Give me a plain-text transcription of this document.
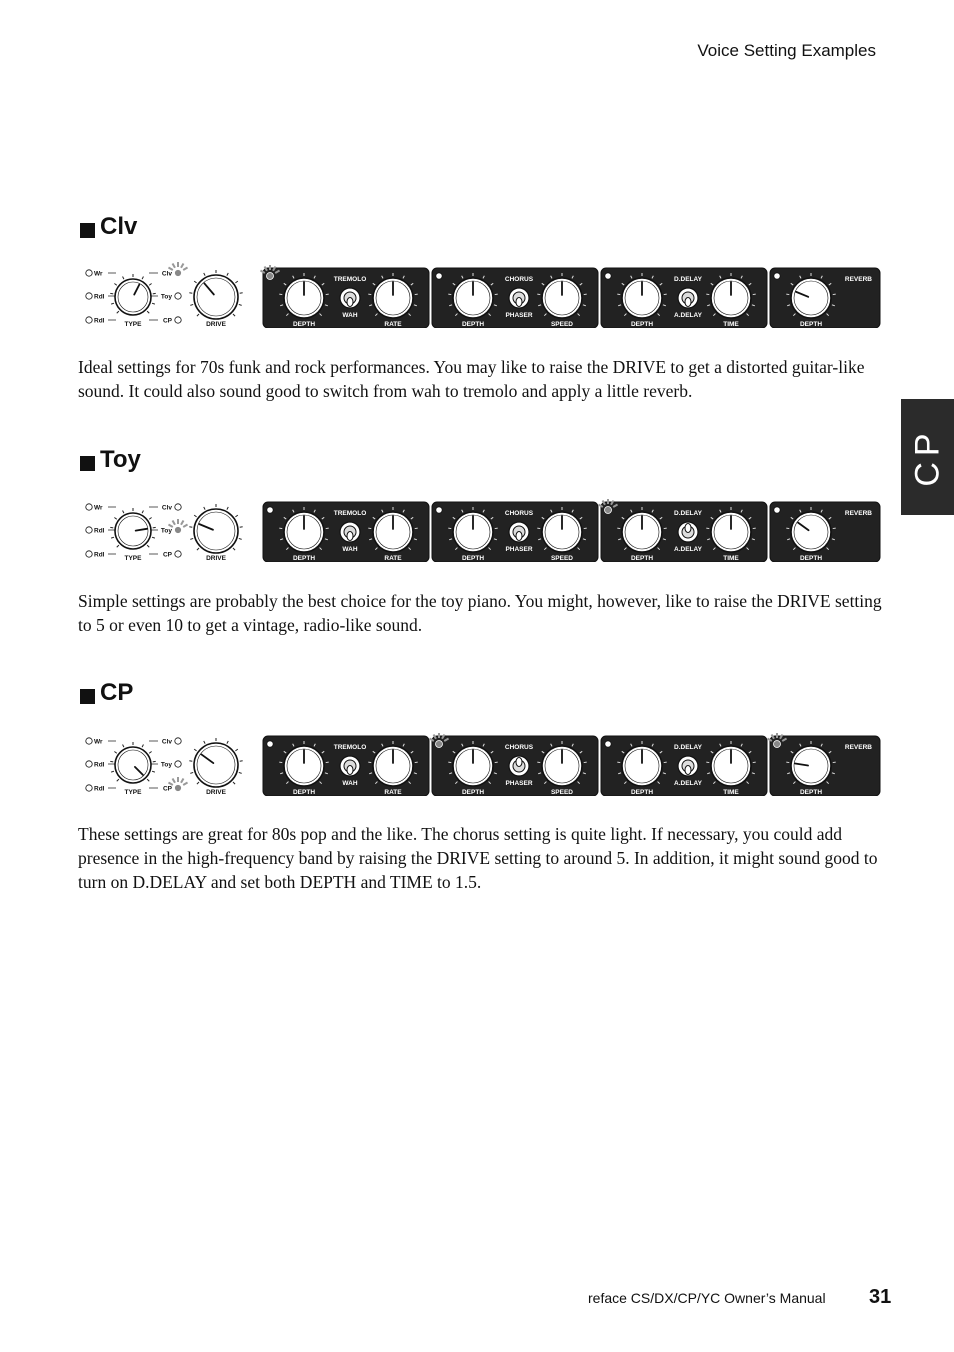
Voice Setting Examples
CP
Clv
Wr
Rdl
Rdl
Clv
Toy
CP
TYPE	DRIVE
TREMOLO
WAH
DEPTH	RATE
CHORUS
PHASER
DEPTH	SPEED
D.DELAY
A.DELAY
DEPTH	TIME
REVERB
DEPTH
Ideal settings for 70s funk and rock performances. You may like to raise the DRIVE to get a distorted guitar-like sound. It could also sound good to switch from wah to tremolo and apply a little reverb.
Toy
Wr
Rdl
Rdl
Clv
Toy
CP
TYPE	DRIVE
TREMOLO
WAH
DEPTH	RATE
CHORUS
PHASER
DEPTH	SPEED
D.DELAY
A.DELAY
DEPTH	TIME
REVERB
DEPTH
Simple settings are probably the best choice for the toy piano. You might, however, like to raise the DRIVE setting to 5 or even 10 to get a vintage, radio-like sound.
CP
Wr
Rdl
Rdl
Clv
Toy
CP
TYPE	DRIVE
TREMOLO
WAH
DEPTH	RATE
CHORUS
PHASER
DEPTH	SPEED
D.DELAY
A.DELAY
DEPTH	TIME
REVERB
DEPTH
These settings are great for 80s pop and the like. The chorus setting is quite light. If necessary, you could add presence in the high-frequency band by raising the DRIVE setting to around 5. In addition, it might sound good to turn on D.DELAY and set both DEPTH and TIME to 1.5.
reface CS/DX/CP/YC Owner’s Manual 31
